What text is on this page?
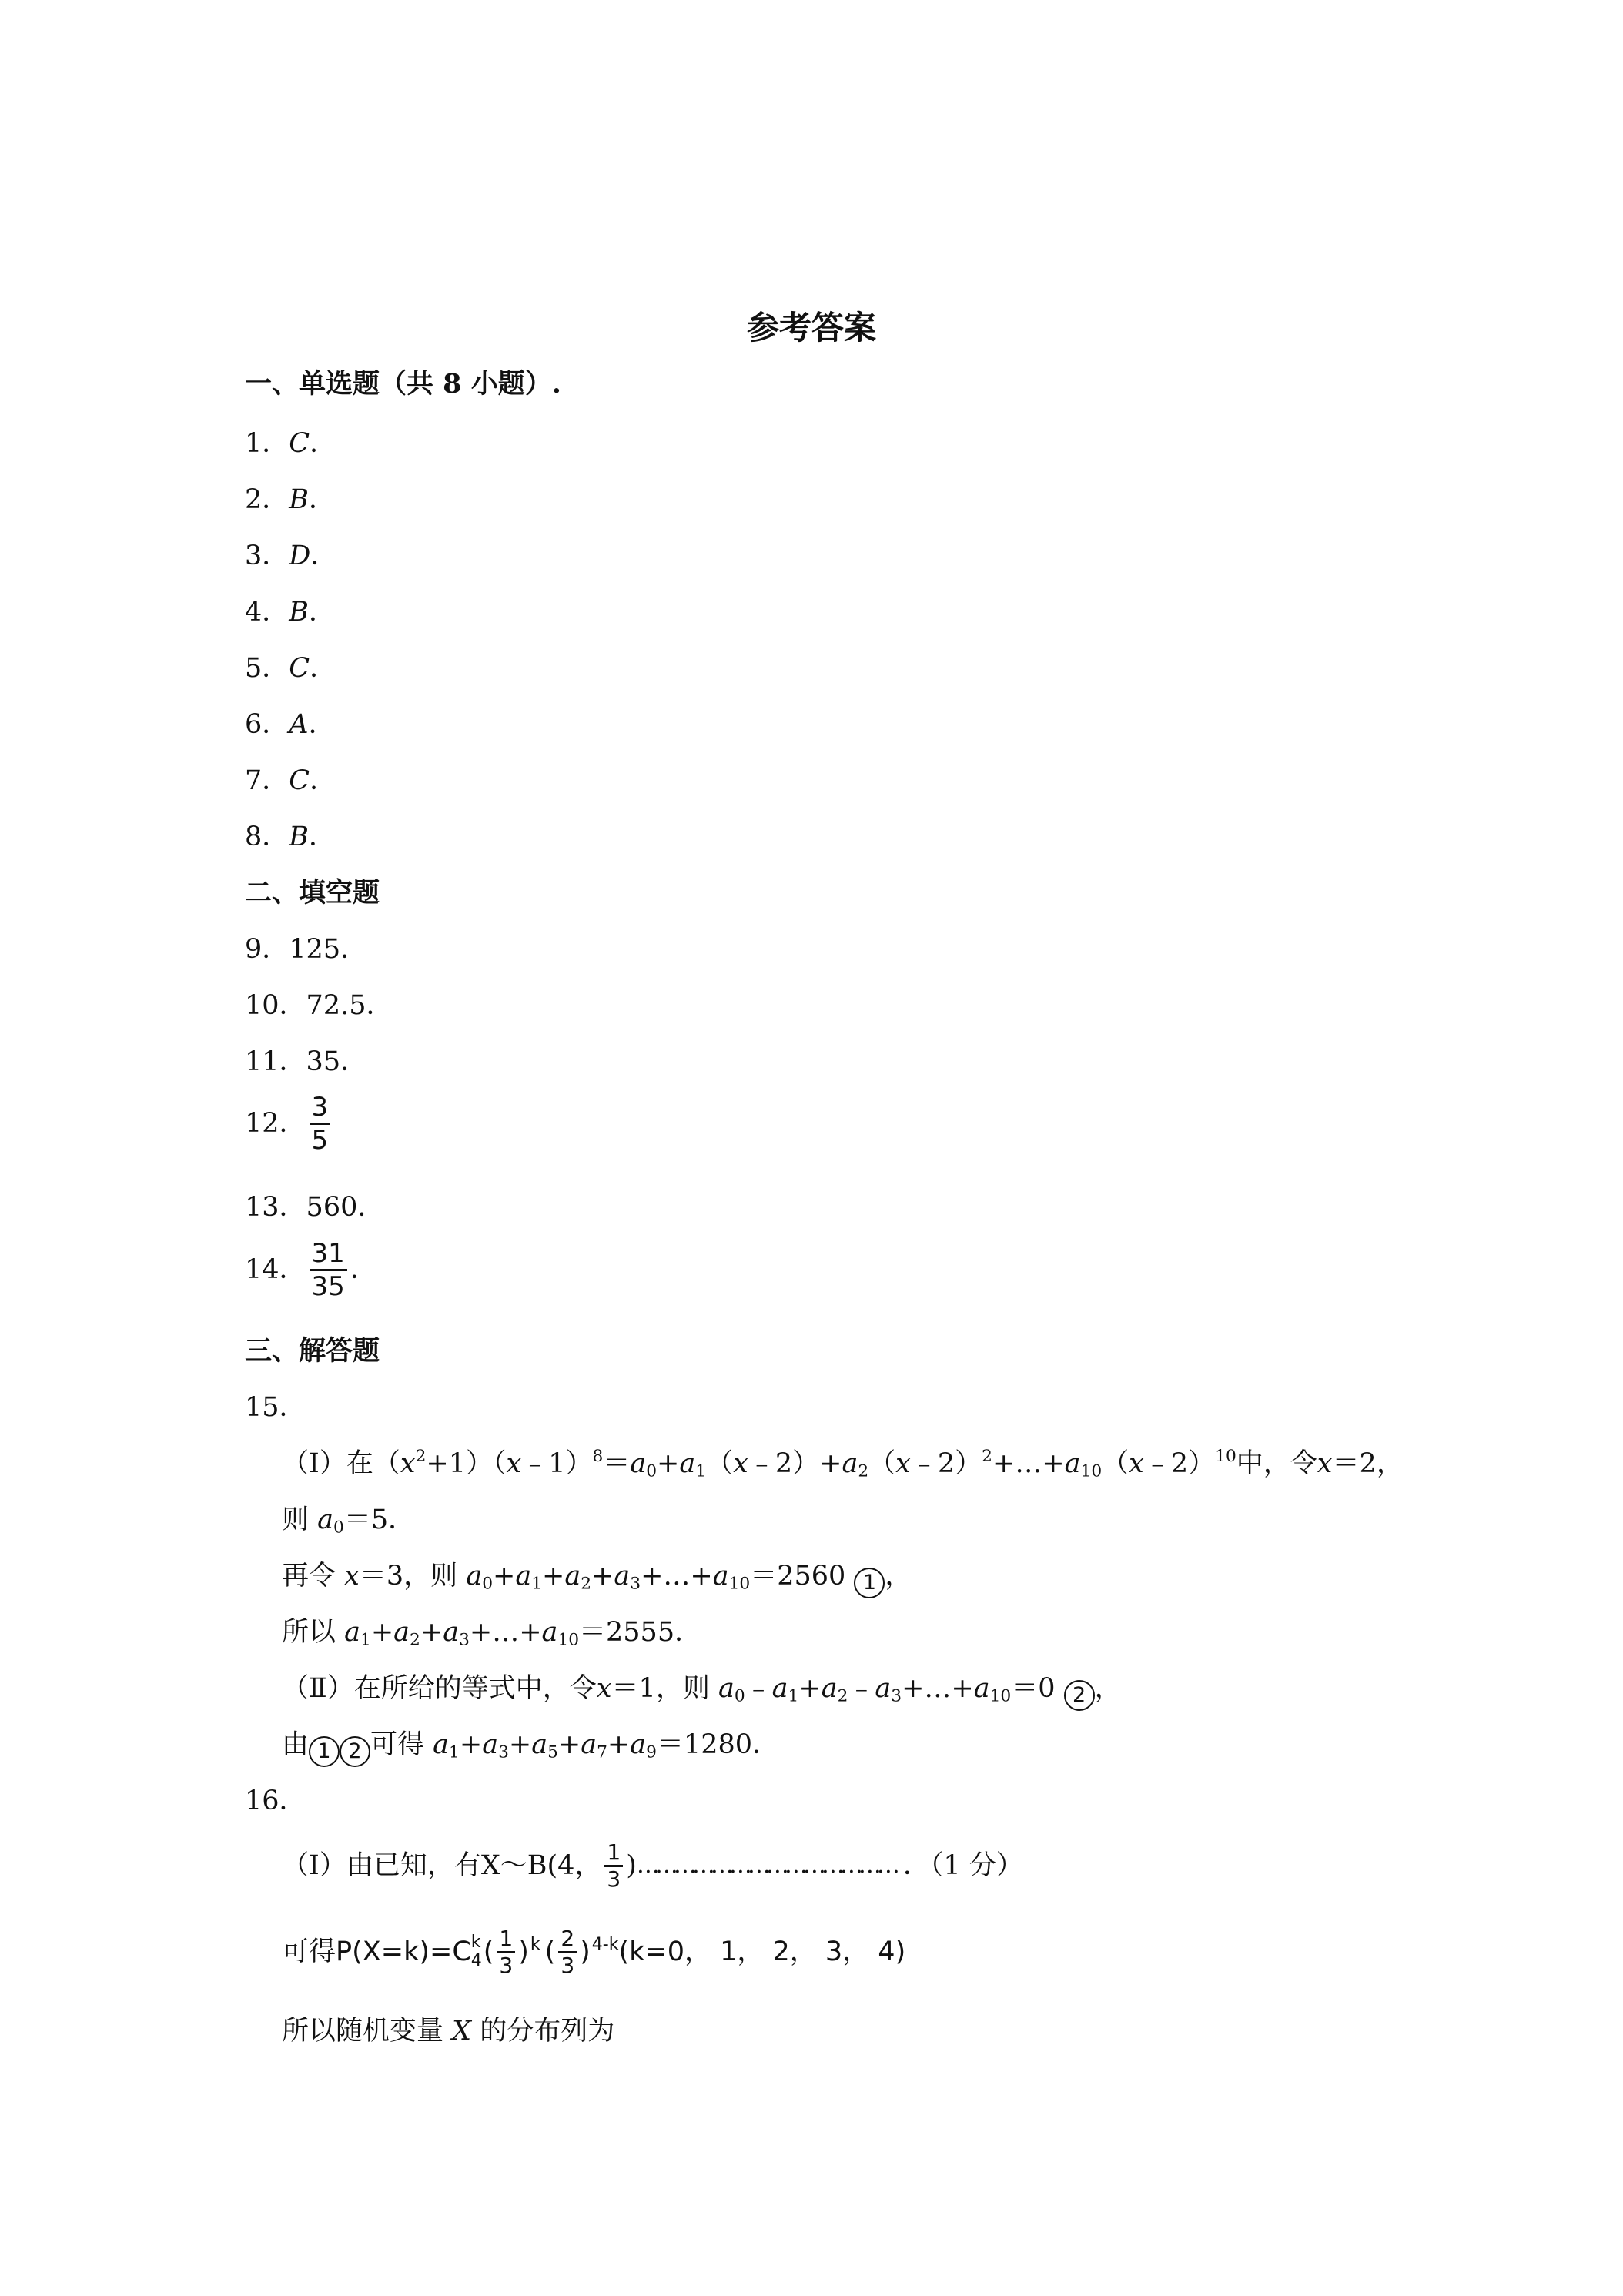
参考答案
一、单选题（共 8 小题）.
1．C．
2．B．
3．D．
4．B．
5．C．
6．A．
7．C．
8．B．
二、填空题
9．125．
10．72.5．
11．35．
12． $\frac{3}{5}$
13．560．
14． $\frac{31}{35}$ ．
三、解答题
15．
（Ⅰ）在$(x^2+1)(x﹣1)^8=a_0+a_1(x﹣2)+a_2(x﹣2)^2+\dots+a_{10}(x﹣2)^{10}$中，令x＝2，
则 $a_0=5$．
再令 x＝3，则 $a_0+a_1+a_2+a_3+\dots+a_{10}=2560$ 1 ，
所以 $a_1+a_2+a_3+\dots+a_{10}=2555$．
（Ⅱ）在所给的等式中，令x＝1，则 $a_0﹣a_1+a_2﹣a_3+\dots+a_{10}=0$ 2 ，
由 1 2 可得 $a_1+a_3+a_5+a_7+a_9=1280$．
16．
（Ⅰ）由已知，有X～B(4， $\frac{1}{3}$ ) …………………………………… ．（1 分）
可得P(X=k)=C k
4 ( $\frac{1}{3}$ ) k ( $\frac{2}{3}$ ) 4-k (k=0， 1， 2， 3， 4)
所以随机变量 X 的分布列为
